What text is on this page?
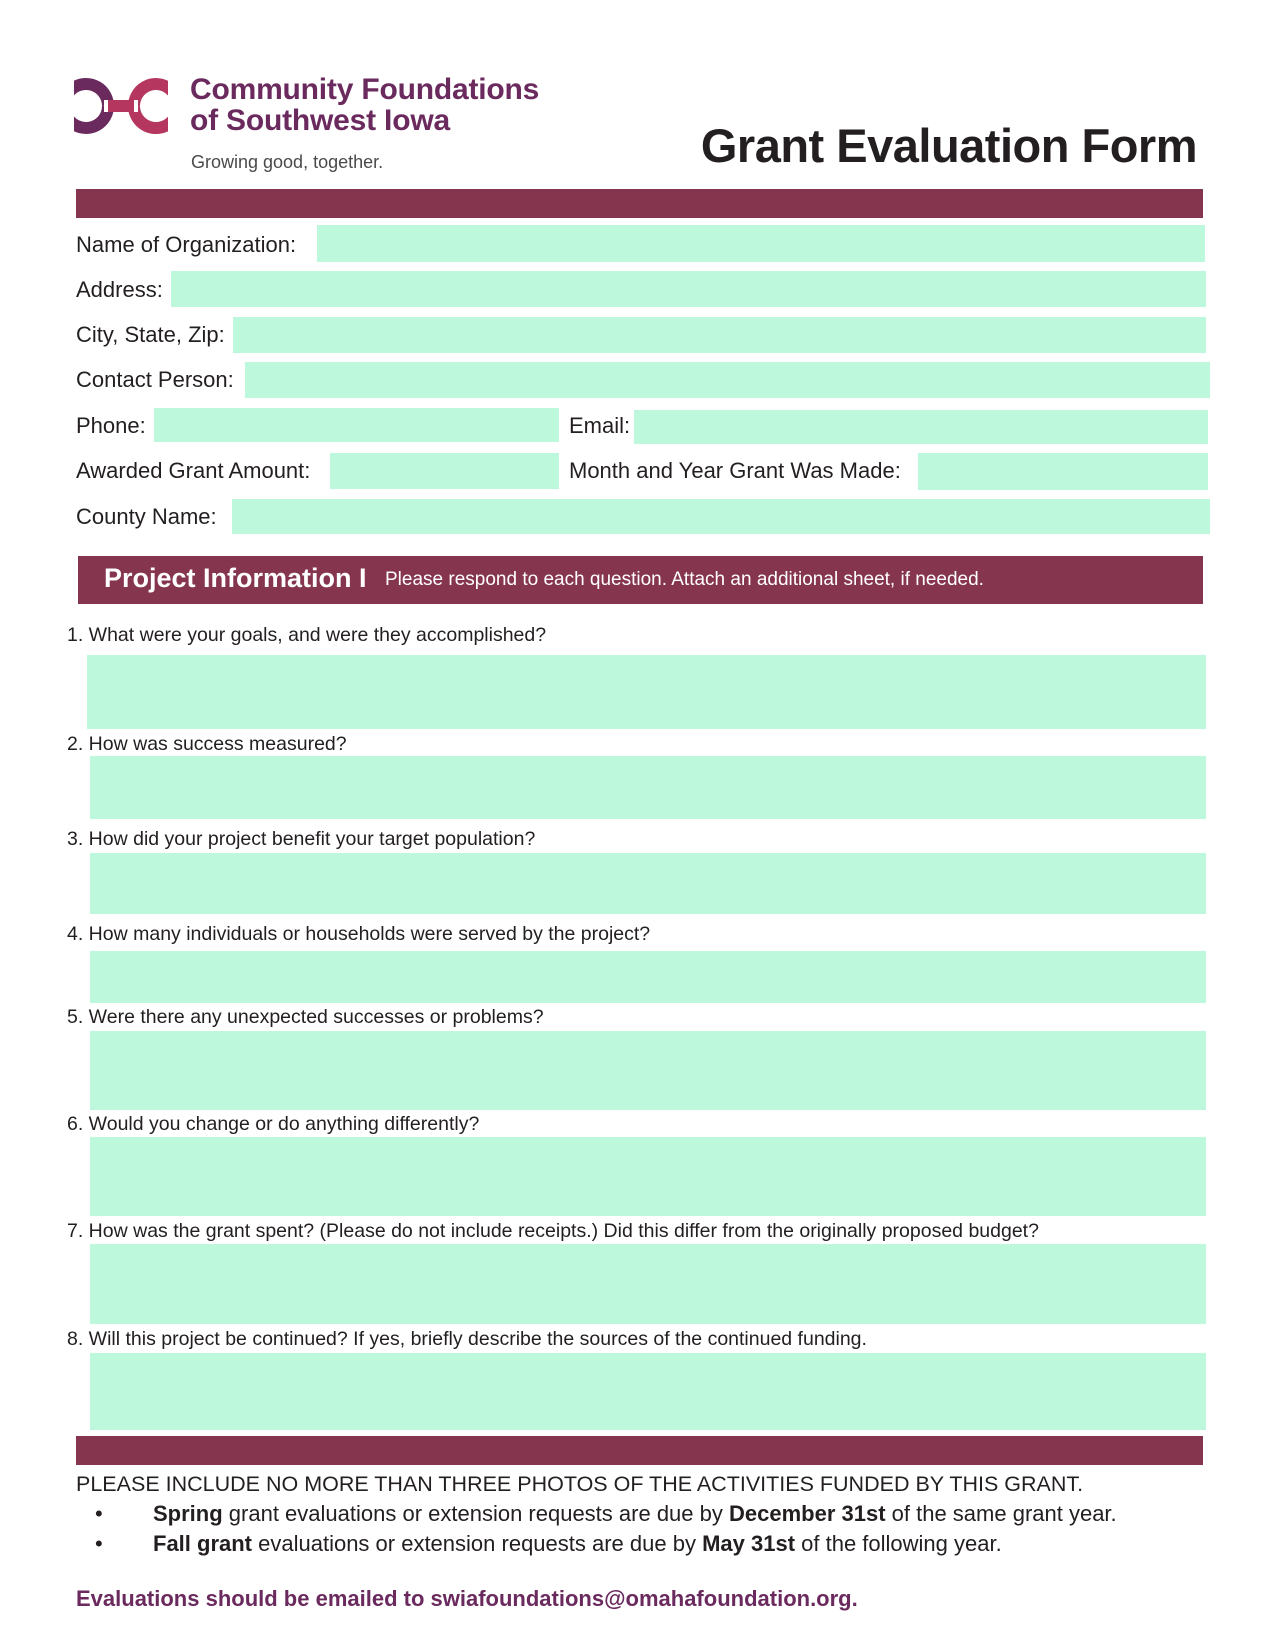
Community Foundations
of Southwest Iowa
Growing good, together.	Grant Evaluation Form
Name of Organization:
Address:
City, State, Zip:
Contact Person:
Phone:	Email:
Awarded Grant Amount:	Month and Year Grant Was Made:
County Name:
Project Information I Please respond to each question. Attach an additional sheet, if needed.
1. What were your goals, and were they accomplished?
2. How was success measured?
3. How did your project benefit your target population?
4. How many individuals or households were served by the project?
5. Were there any unexpected successes or problems?
6. Would you change or do anything differently?
7. How was the grant spent? (Please do not include receipts.) Did this differ from the originally proposed budget?
8. Will this project be continued? If yes, briefly describe the sources of the continued funding.
PLEASE INCLUDE NO MORE THAN THREE PHOTOS OF THE ACTIVITIES FUNDED BY THIS GRANT.
• Spring grant evaluations or extension requests are due by December 31st of the same grant year.
• Fall grant evaluations or extension requests are due by May 31st of the following year.
Evaluations should be emailed to swiafoundations@omahafoundation.org.
